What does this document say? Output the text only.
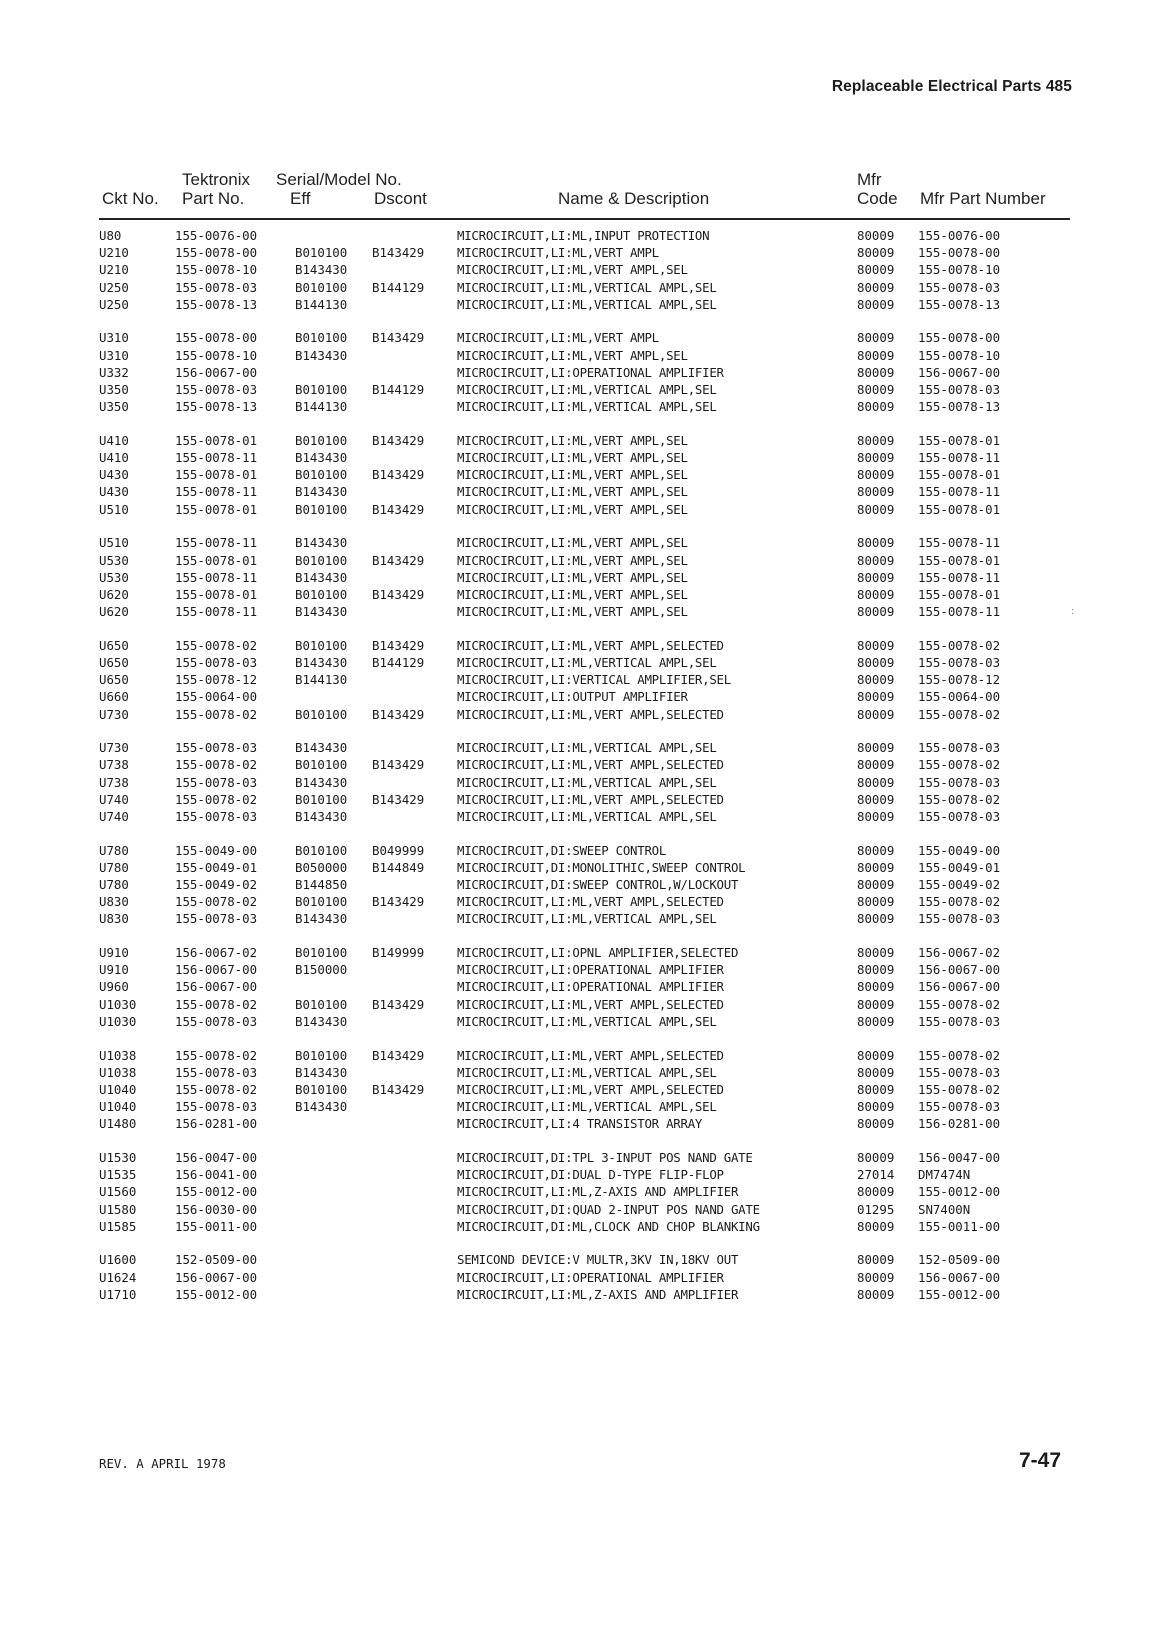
Replaceable Electrical Parts 485
Tektronix Serial/Model No.	Mfr
Ckt No. Part No.	Eff	Dscont	Name & Description	Code Mfr Part Number
U80	155-0076-00	MICROCIRCUIT,LI:ML,INPUT PROTECTION	80009 155-0076-00
U210	155-0078-00	B010100 B143429	MICROCIRCUIT,LI:ML,VERT AMPL	80009 155-0078-00
U210	155-0078-10	B143430	MICROCIRCUIT,LI:ML,VERT AMPL,SEL	80009 155-0078-10
U250	155-0078-03	B010100 B144129	MICROCIRCUIT,LI:ML,VERTICAL AMPL,SEL	80009 155-0078-03
U250	155-0078-13	B144130	MICROCIRCUIT,LI:ML,VERTICAL AMPL,SEL	80009 155-0078-13
U310	155-0078-00	B010100 B143429	MICROCIRCUIT,LI:ML,VERT AMPL	80009 155-0078-00
U310	155-0078-10	B143430	MICROCIRCUIT,LI:ML,VERT AMPL,SEL	80009 155-0078-10
U332	156-0067-00	MICROCIRCUIT,LI:OPERATIONAL AMPLIFIER	80009 156-0067-00
U350	155-0078-03	B010100 B144129	MICROCIRCUIT,LI:ML,VERTICAL AMPL,SEL	80009 155-0078-03
U350	155-0078-13	B144130	MICROCIRCUIT,LI:ML,VERTICAL AMPL,SEL	80009 155-0078-13
U410	155-0078-01	B010100 B143429	MICROCIRCUIT,LI:ML,VERT AMPL,SEL	80009 155-0078-01
U410	155-0078-11	B143430	MICROCIRCUIT,LI:ML,VERT AMPL,SEL	80009 155-0078-11
U430	155-0078-01	B010100 B143429	MICROCIRCUIT,LI:ML,VERT AMPL,SEL	80009 155-0078-01
U430	155-0078-11	B143430	MICROCIRCUIT,LI:ML,VERT AMPL,SEL	80009 155-0078-11
U510	155-0078-01	B010100 B143429	MICROCIRCUIT,LI:ML,VERT AMPL,SEL	80009 155-0078-01
U510	155-0078-11	B143430	MICROCIRCUIT,LI:ML,VERT AMPL,SEL	80009 155-0078-11
U530	155-0078-01	B010100 B143429	MICROCIRCUIT,LI:ML,VERT AMPL,SEL	80009 155-0078-01
U530	155-0078-11	B143430	MICROCIRCUIT,LI:ML,VERT AMPL,SEL	80009 155-0078-11
U620	155-0078-01	B010100 B143429	MICROCIRCUIT,LI:ML,VERT AMPL,SEL	80009 155-0078-01
U620	155-0078-11	B143430	MICROCIRCUIT,LI:ML,VERT AMPL,SEL	80009 155-0078-11
U650	155-0078-02	B010100 B143429	MICROCIRCUIT,LI:ML,VERT AMPL,SELECTED	80009 155-0078-02
U650	155-0078-03	B143430 B144129	MICROCIRCUIT,LI:ML,VERTICAL AMPL,SEL	80009 155-0078-03
U650	155-0078-12	B144130	MICROCIRCUIT,LI:VERTICAL AMPLIFIER,SEL	80009 155-0078-12
U660	155-0064-00	MICROCIRCUIT,LI:OUTPUT AMPLIFIER	80009 155-0064-00
U730	155-0078-02	B010100 B143429	MICROCIRCUIT,LI:ML,VERT AMPL,SELECTED	80009 155-0078-02
U730	155-0078-03	B143430	MICROCIRCUIT,LI:ML,VERTICAL AMPL,SEL	80009 155-0078-03
U738	155-0078-02	B010100 B143429	MICROCIRCUIT,LI:ML,VERT AMPL,SELECTED	80009 155-0078-02
U738	155-0078-03	B143430	MICROCIRCUIT,LI:ML,VERTICAL AMPL,SEL	80009 155-0078-03
U740	155-0078-02	B010100 B143429	MICROCIRCUIT,LI:ML,VERT AMPL,SELECTED	80009 155-0078-02
U740	155-0078-03	B143430	MICROCIRCUIT,LI:ML,VERTICAL AMPL,SEL	80009 155-0078-03
U780	155-0049-00	B010100 B049999	MICROCIRCUIT,DI:SWEEP CONTROL	80009 155-0049-00
U780	155-0049-01	B050000 B144849	MICROCIRCUIT,DI:MONOLITHIC,SWEEP CONTROL	80009 155-0049-01
U780	155-0049-02	B144850	MICROCIRCUIT,DI:SWEEP CONTROL,W/LOCKOUT	80009 155-0049-02
U830	155-0078-02	B010100 B143429	MICROCIRCUIT,LI:ML,VERT AMPL,SELECTED	80009 155-0078-02
U830	155-0078-03	B143430	MICROCIRCUIT,LI:ML,VERTICAL AMPL,SEL	80009 155-0078-03
U910	156-0067-02	B010100 B149999	MICROCIRCUIT,LI:OPNL AMPLIFIER,SELECTED	80009 156-0067-02
U910	156-0067-00	B150000	MICROCIRCUIT,LI:OPERATIONAL AMPLIFIER	80009 156-0067-00
U960	156-0067-00	MICROCIRCUIT,LI:OPERATIONAL AMPLIFIER	80009 156-0067-00
U1030	155-0078-02	B010100 B143429	MICROCIRCUIT,LI:ML,VERT AMPL,SELECTED	80009 155-0078-02
U1030	155-0078-03	B143430	MICROCIRCUIT,LI:ML,VERTICAL AMPL,SEL	80009 155-0078-03
U1038	155-0078-02	B010100 B143429	MICROCIRCUIT,LI:ML,VERT AMPL,SELECTED	80009 155-0078-02
U1038	155-0078-03	B143430	MICROCIRCUIT,LI:ML,VERTICAL AMPL,SEL	80009 155-0078-03
U1040	155-0078-02	B010100 B143429	MICROCIRCUIT,LI:ML,VERT AMPL,SELECTED	80009 155-0078-02
U1040	155-0078-03	B143430	MICROCIRCUIT,LI:ML,VERTICAL AMPL,SEL	80009 155-0078-03
U1480	156-0281-00	MICROCIRCUIT,LI:4 TRANSISTOR ARRAY	80009 156-0281-00
U1530	156-0047-00	MICROCIRCUIT,DI:TPL 3-INPUT POS NAND GATE	80009 156-0047-00
U1535	156-0041-00	MICROCIRCUIT,DI:DUAL D-TYPE FLIP-FLOP	27014 DM7474N
U1560	155-0012-00	MICROCIRCUIT,LI:ML,Z-AXIS AND AMPLIFIER	80009 155-0012-00
U1580	156-0030-00	MICROCIRCUIT,DI:QUAD 2-INPUT POS NAND GATE	01295 SN7400N
U1585	155-0011-00	MICROCIRCUIT,DI:ML,CLOCK AND CHOP BLANKING	80009 155-0011-00
U1600	152-0509-00	SEMICOND DEVICE:V MULTR,3KV IN,18KV OUT	80009 152-0509-00
U1624	156-0067-00	MICROCIRCUIT,LI:OPERATIONAL AMPLIFIER	80009 156-0067-00
U1710	155-0012-00	MICROCIRCUIT,LI:ML,Z-AXIS AND AMPLIFIER	80009 155-0012-00
:
REV. A APRIL 1978	7-47
